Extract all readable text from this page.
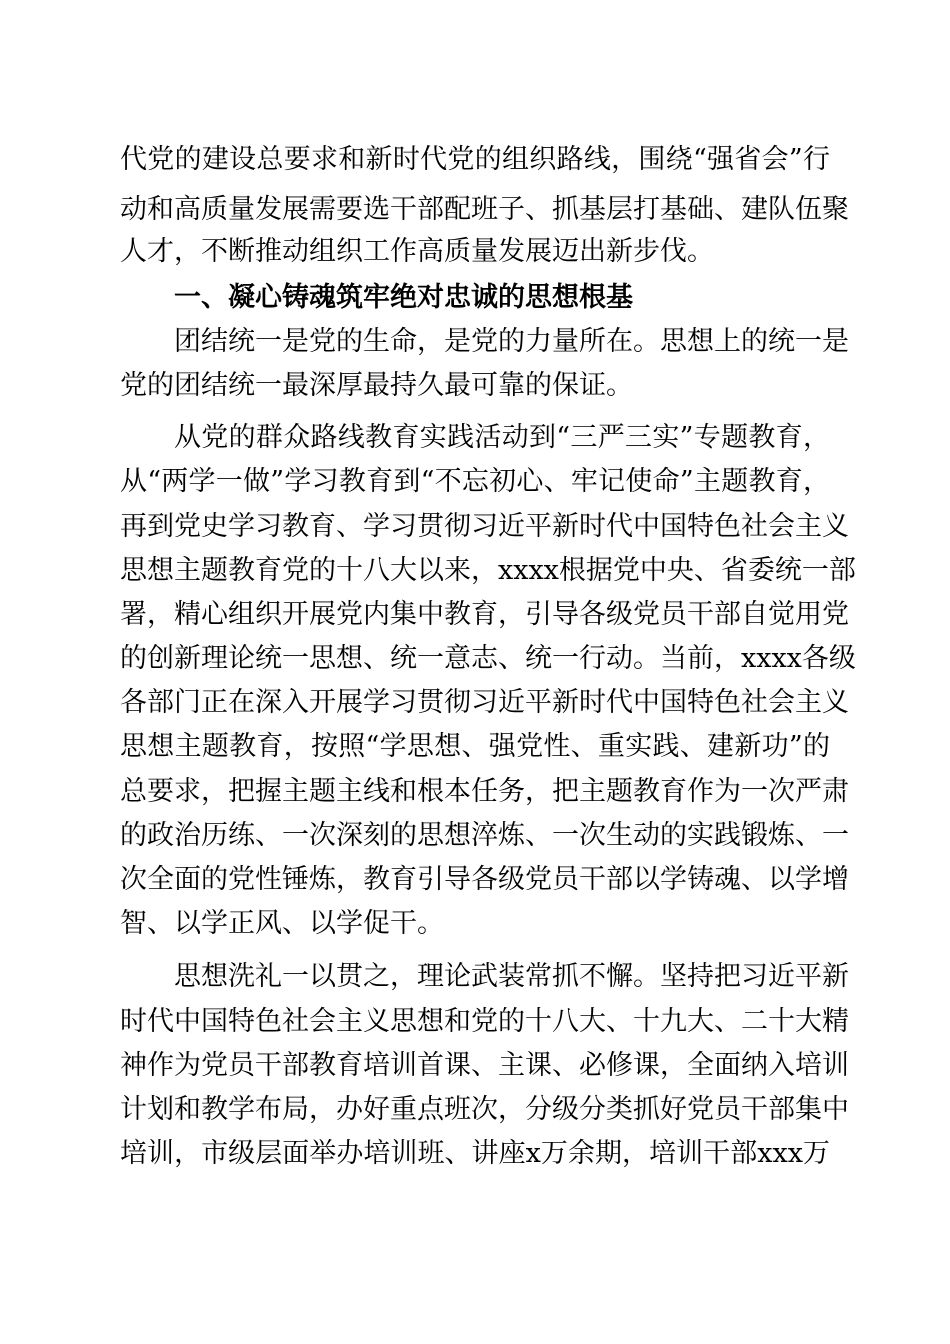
代党的建设总要求和新时代党的组织路线，围绕“强省会”行
动和高质量发展需要选干部配班子、抓基层打基础、建队伍聚
人才，不断推动组织工作高质量发展迈出新步伐。
一、凝心铸魂筑牢绝对忠诚的思想根基
团结统一是党的生命，是党的力量所在。思想上的统一是
党的团结统一最深厚最持久最可靠的保证。
从党的群众路线教育实践活动到“三严三实”专题教育，
从“两学一做”学习教育到“不忘初心、牢记使命”主题教育，
再到党史学习教育、学习贯彻习近平新时代中国特色社会主义
思想主题教育党的十八大以来，xxxx根据党中央、省委统一部
署，精心组织开展党内集中教育，引导各级党员干部自觉用党
的创新理论统一思想、统一意志、统一行动。当前，xxxx各级
各部门正在深入开展学习贯彻习近平新时代中国特色社会主义
思想主题教育，按照“学思想、强党性、重实践、建新功”的
总要求，把握主题主线和根本任务，把主题教育作为一次严肃
的政治历练、一次深刻的思想淬炼、一次生动的实践锻炼、一
次全面的党性锤炼，教育引导各级党员干部以学铸魂、以学增
智、以学正风、以学促干。
思想洗礼一以贯之，理论武装常抓不懈。坚持把习近平新
时代中国特色社会主义思想和党的十八大、十九大、二十大精
神作为党员干部教育培训首课、主课、必修课，全面纳入培训
计划和教学布局，办好重点班次，分级分类抓好党员干部集中
培训，市级层面举办培训班、讲座x万余期，培训干部xxx万
